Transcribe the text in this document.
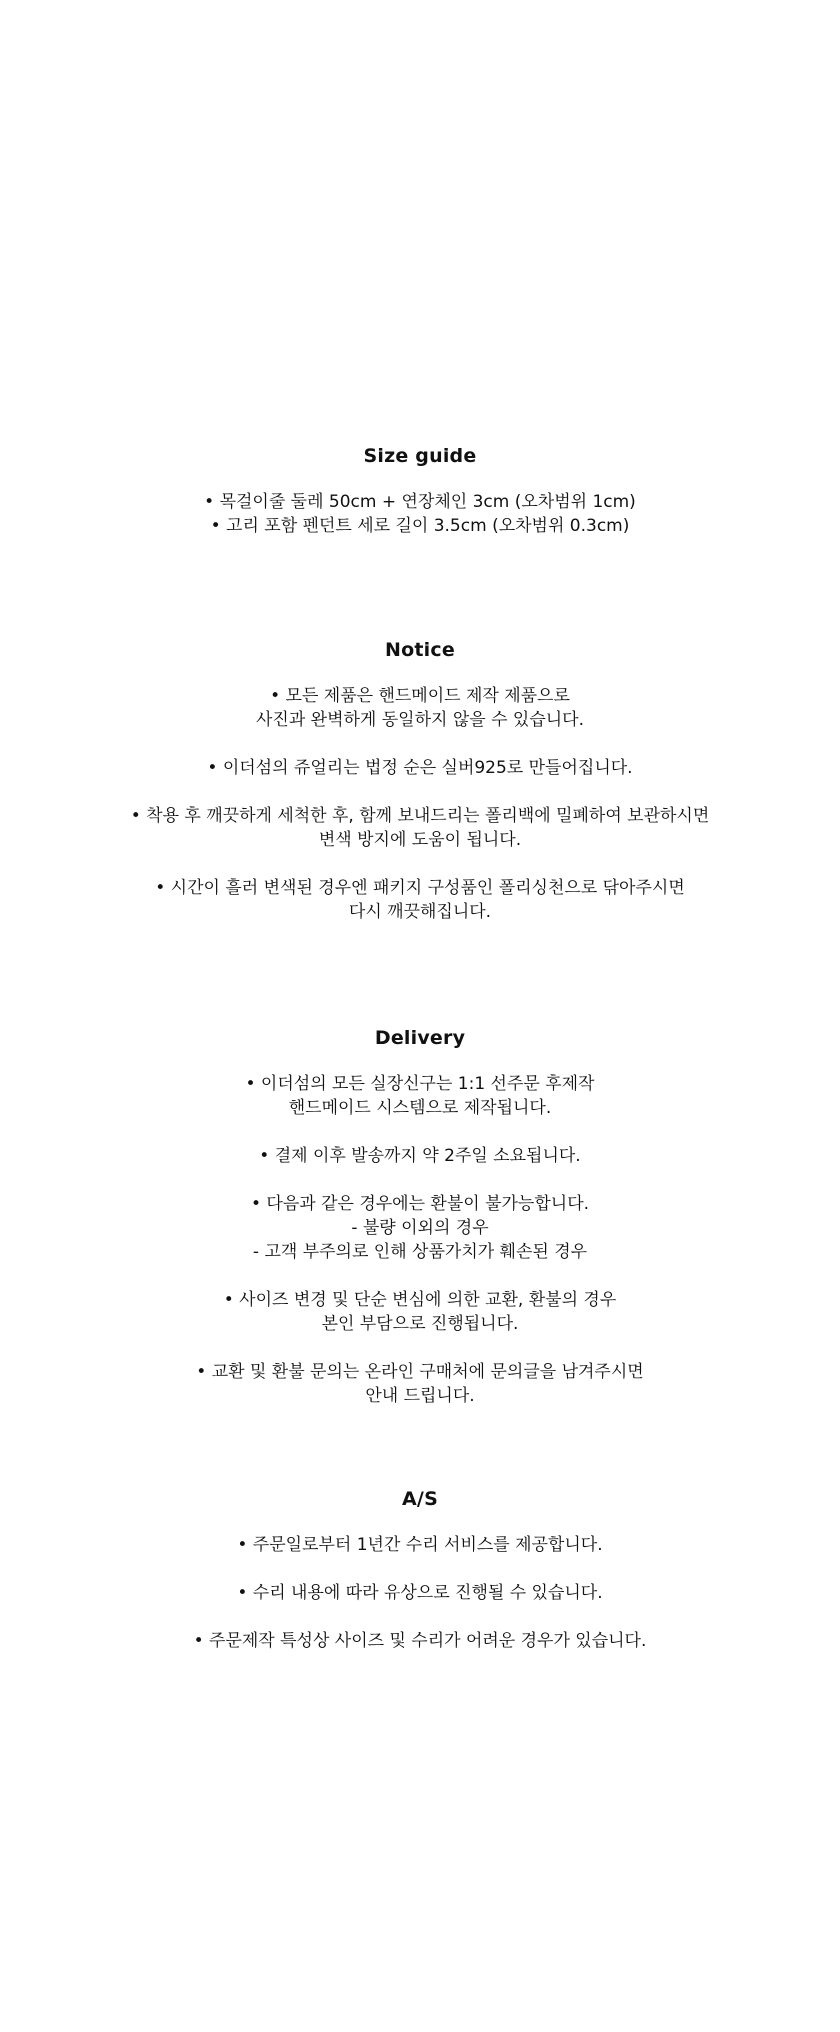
Size guide

• 목걸이줄 둘레 50cm + 연장체인 3cm (오차범위 1cm)
• 고리 포함 펜던트 세로 길이 3.5cm (오차범위 0.3cm)

Notice

• 모든 제품은 핸드메이드 제작 제품으로
사진과 완벽하게 동일하지 않을 수 있습니다.

• 이더섬의 쥬얼리는 법정 순은 실버925로 만들어집니다.

• 착용 후 깨끗하게 세척한 후, 함께 보내드리는 폴리백에 밀폐하여 보관하시면
변색 방지에 도움이 됩니다.

• 시간이 흘러 변색된 경우엔 패키지 구성품인 폴리싱천으로 닦아주시면
다시 깨끗해집니다.

Delivery

• 이더섬의 모든 실장신구는 1:1 선주문 후제작
핸드메이드 시스템으로 제작됩니다.

• 결제 이후 발송까지 약 2주일 소요됩니다.

• 다음과 같은 경우에는 환불이 불가능합니다.
- 불량 이외의 경우
- 고객 부주의로 인해 상품가치가 훼손된 경우

• 사이즈 변경 및 단순 변심에 의한 교환, 환불의 경우
본인 부담으로 진행됩니다.

• 교환 및 환불 문의는 온라인 구매처에 문의글을 남겨주시면
안내 드립니다.

A/S

• 주문일로부터 1년간 수리 서비스를 제공합니다.

• 수리 내용에 따라 유상으로 진행될 수 있습니다.

• 주문제작 특성상 사이즈 및 수리가 어려운 경우가 있습니다.
